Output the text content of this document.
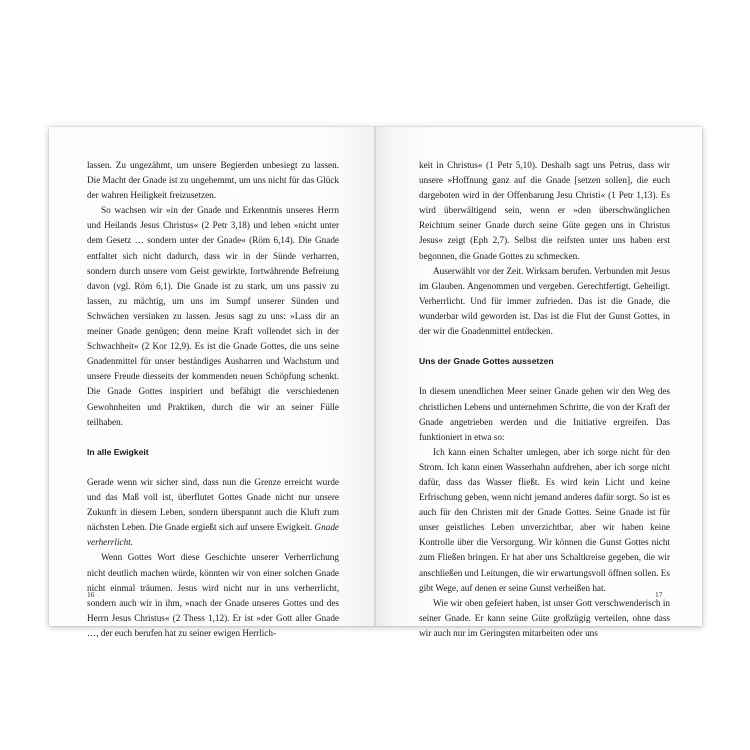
lassen. Zu ungezähmt, um unsere Begierden unbesiegt zu lassen. Die Macht der Gnade ist zu ungehemmt, um uns nicht für das Glück der wahren Heiligkeit freizusetzen.

So wachsen wir »in der Gnade und Erkenntnis unseres Herrn und Heilands Jesus Christus« (2 Petr 3,18) und leben »nicht unter dem Gesetz … sondern unter der Gnade« (Röm 6,14). Die Gnade entfaltet sich nicht dadurch, dass wir in der Sünde verharren, sondern durch unsere vom Geist gewirkte, fortwährende Befreiung davon (vgl. Röm 6,1). Die Gnade ist zu stark, um uns passiv zu lassen, zu mächtig, um uns im Sumpf unserer Sünden und Schwächen versinken zu lassen. Jesus sagt zu uns: »Lass dir an meiner Gnade genügen; denn meine Kraft vollendet sich in der Schwachheit« (2 Kor 12,9). Es ist die Gnade Gottes, die uns seine Gnadenmittel für unser beständiges Ausharren und Wachstum und unsere Freude diesseits der kommenden neuen Schöpfung schenkt. Die Gnade Gottes inspiriert und befähigt die verschiedenen Gewohnheiten und Praktiken, durch die wir an seiner Fülle teilhaben.

In alle Ewigkeit

Gerade wenn wir sicher sind, dass nun die Grenze erreicht wurde und das Maß voll ist, überflutet Gottes Gnade nicht nur unsere Zukunft in diesem Leben, sondern überspannt auch die Kluft zum nächsten Leben. Die Gnade ergießt sich auf unsere Ewigkeit. Gnade verherrlicht.

Wenn Gottes Wort diese Geschichte unserer Verherrlichung nicht deutlich machen würde, könnten wir von einer solchen Gnade nicht einmal träumen. Jesus wird nicht nur in uns verherrlicht, sondern auch wir in ihm, »nach der Gnade unseres Gottes und des Herrn Jesus Christus« (2 Thess 1,12). Er ist »der Gott aller Gnade …, der euch berufen hat zu seiner ewigen Herrlich-

16

keit in Christus« (1 Petr 5,10). Deshalb sagt uns Petrus, dass wir unsere »Hoffnung ganz auf die Gnade [setzen sollen], die euch dargeboten wird in der Offenbarung Jesu Christi« (1 Petr 1,13). Es wird überwältigend sein, wenn er »den überschwänglichen Reichtum seiner Gnade durch seine Güte gegen uns in Christus Jesus« zeigt (Eph 2,7). Selbst die reifsten unter uns haben erst begonnen, die Gnade Gottes zu schmecken.

Auserwählt vor der Zeit. Wirksam berufen. Verbunden mit Jesus im Glauben. Angenommen und vergeben. Gerechtfertigt. Geheiligt. Verherrlicht. Und für immer zufrieden. Das ist die Gnade, die wunderbar wild geworden ist. Das ist die Flut der Gunst Gottes, in der wir die Gnadenmittel entdecken.

Uns der Gnade Gottes aussetzen

In diesem unendlichen Meer seiner Gnade gehen wir den Weg des christlichen Lebens und unternehmen Schritte, die von der Kraft der Gnade angetrieben werden und die Initiative ergreifen. Das funktioniert in etwa so:

Ich kann einen Schalter umlegen, aber ich sorge nicht für den Strom. Ich kann einen Wasserhahn aufdrehen, aber ich sorge nicht dafür, dass das Wasser fließt. Es wird kein Licht und keine Erfrischung geben, wenn nicht jemand anderes dafür sorgt. So ist es auch für den Christen mit der Gnade Gottes. Seine Gnade ist für unser geistliches Leben unverzichtbar, aber wir haben keine Kontrolle über die Versorgung. Wir können die Gunst Gottes nicht zum Fließen bringen. Er hat aber uns Schaltkreise gegeben, die wir anschließen und Leitungen, die wir erwartungsvoll öffnen sollen. Es gibt Wege, auf denen er seine Gunst verheißen hat.

Wie wir oben gefeiert haben, ist unser Gott verschwenderisch in seiner Gnade. Er kann seine Güte großzügig verteilen, ohne dass wir auch nur im Geringsten mitarbeiten oder uns

17
